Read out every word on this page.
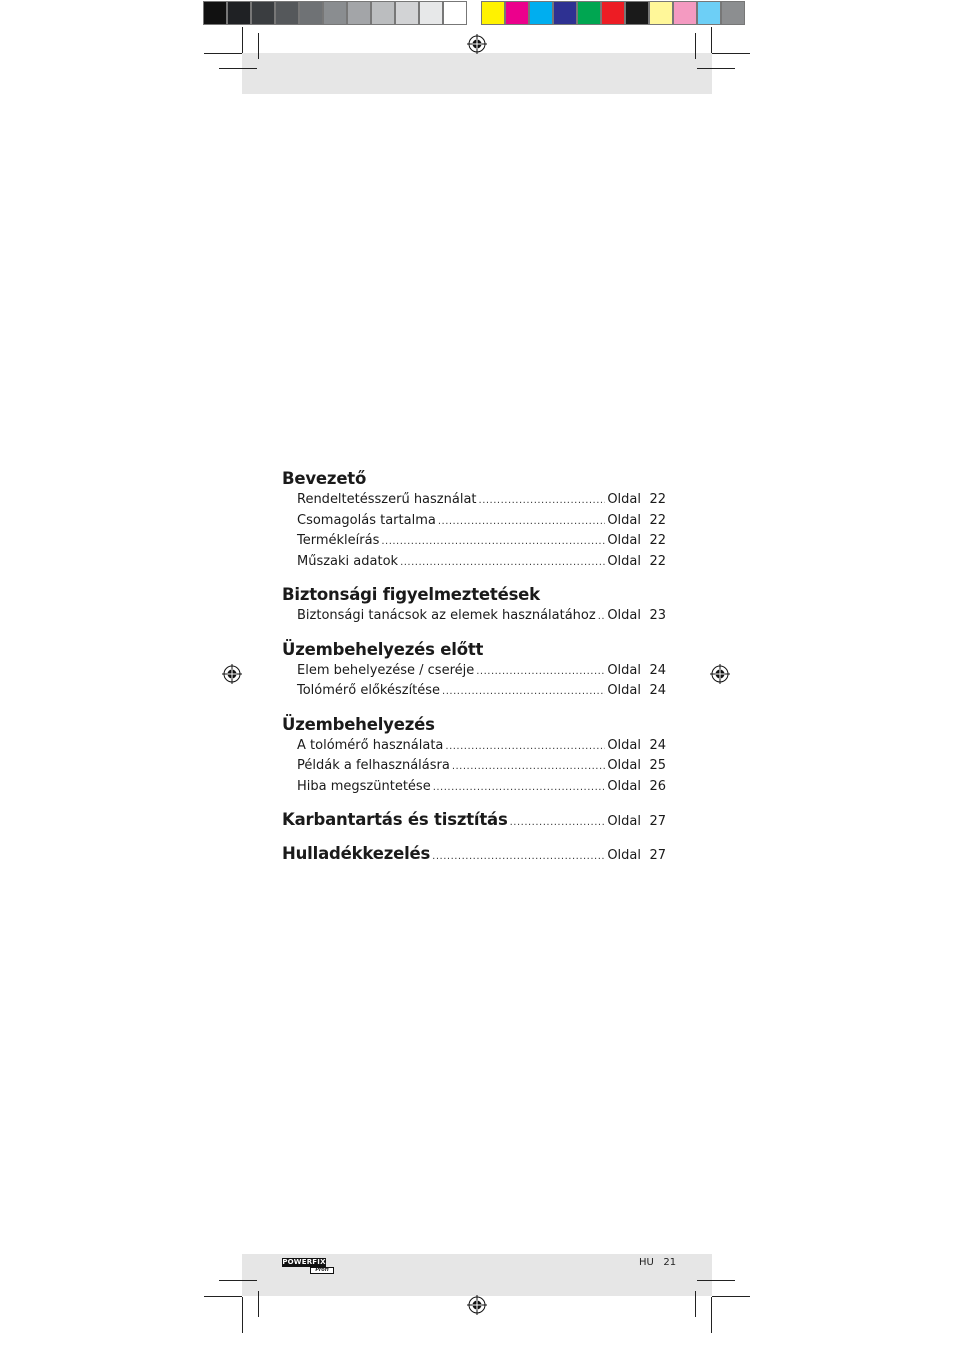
Bevezető
Rendeltetésszerű használat .....	Oldal 22
Csomagolás tartalma .....	Oldal 22
Termékleírás .....	Oldal 22
Műszaki adatok .....	Oldal 22
Biztonsági figyelmeztetések
Biztonsági tanácsok az elemek használatához ..... Oldal 23
Üzembehelyezés előtt
Elem behelyezése / cseréje .....	Oldal 24
Tolómérő előkészítése .....	Oldal 24
Üzembehelyezés
A tolómérő használata .....	Oldal 24
Példák a felhasználásra .....	Oldal 25
Hiba megszüntetése .....	Oldal 26
Karbantartás és tisztítás .....	Oldal 27
Hulladékkezelés .....	Oldal 27
POWERFIX
Profi
HU 21
